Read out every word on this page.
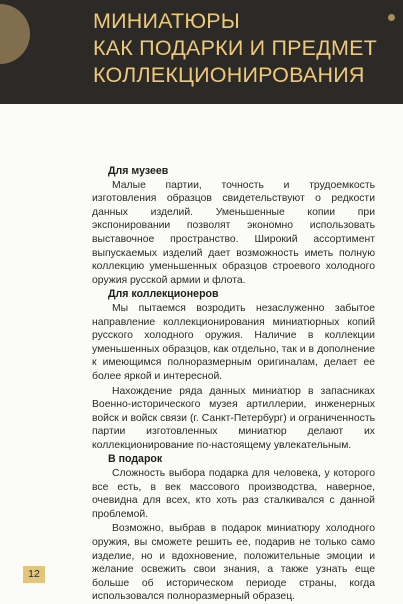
МИНИАТЮРЫ
КАК ПОДАРКИ И ПРЕДМЕТ
КОЛЛЕКЦИОНИРОВАНИЯ
Для музеев

Малые партии, точность и трудоемкость изготовления образцов свидетельствуют о редкости данных изделий. Уменьшенные копии при экспонировании позволят экономно использовать выставочное пространство. Широкий ассортимент выпускаемых изделий дает возможность иметь полную коллекцию уменьшенных образцов строевого холодного оружия русской армии и флота.

Для коллекционеров

Мы пытаемся возродить незаслуженно забытое направление коллекционирования миниатюрных копий русского холодного оружия. Наличие в коллекции уменьшенных образцов, как отдельно, так и в дополнение к имеющимся полноразмерным оригиналам, делает ее более яркой и интересной.

Нахождение ряда данных миниатюр в запасниках Военно-исторического музея артиллерии, инженерных войск и войск связи (г. Санкт-Петербург) и ограниченность партии изготовленных миниатюр делают их коллекционирование по-настоящему увлекательным.

В подарок

Сложность выбора подарка для человека, у которого все есть, в век массового производства, наверное, очевидна для всех, кто хоть раз сталкивался с данной проблемой.

Возможно, выбрав в подарок миниатюру холодного оружия, вы сможете решить ее, подарив не только само изделие, но и вдохновение, положительные эмоции и желание освежить свои знания, а также узнать еще больше об историческом периоде страны, когда использовался полноразмерный образец.

12
